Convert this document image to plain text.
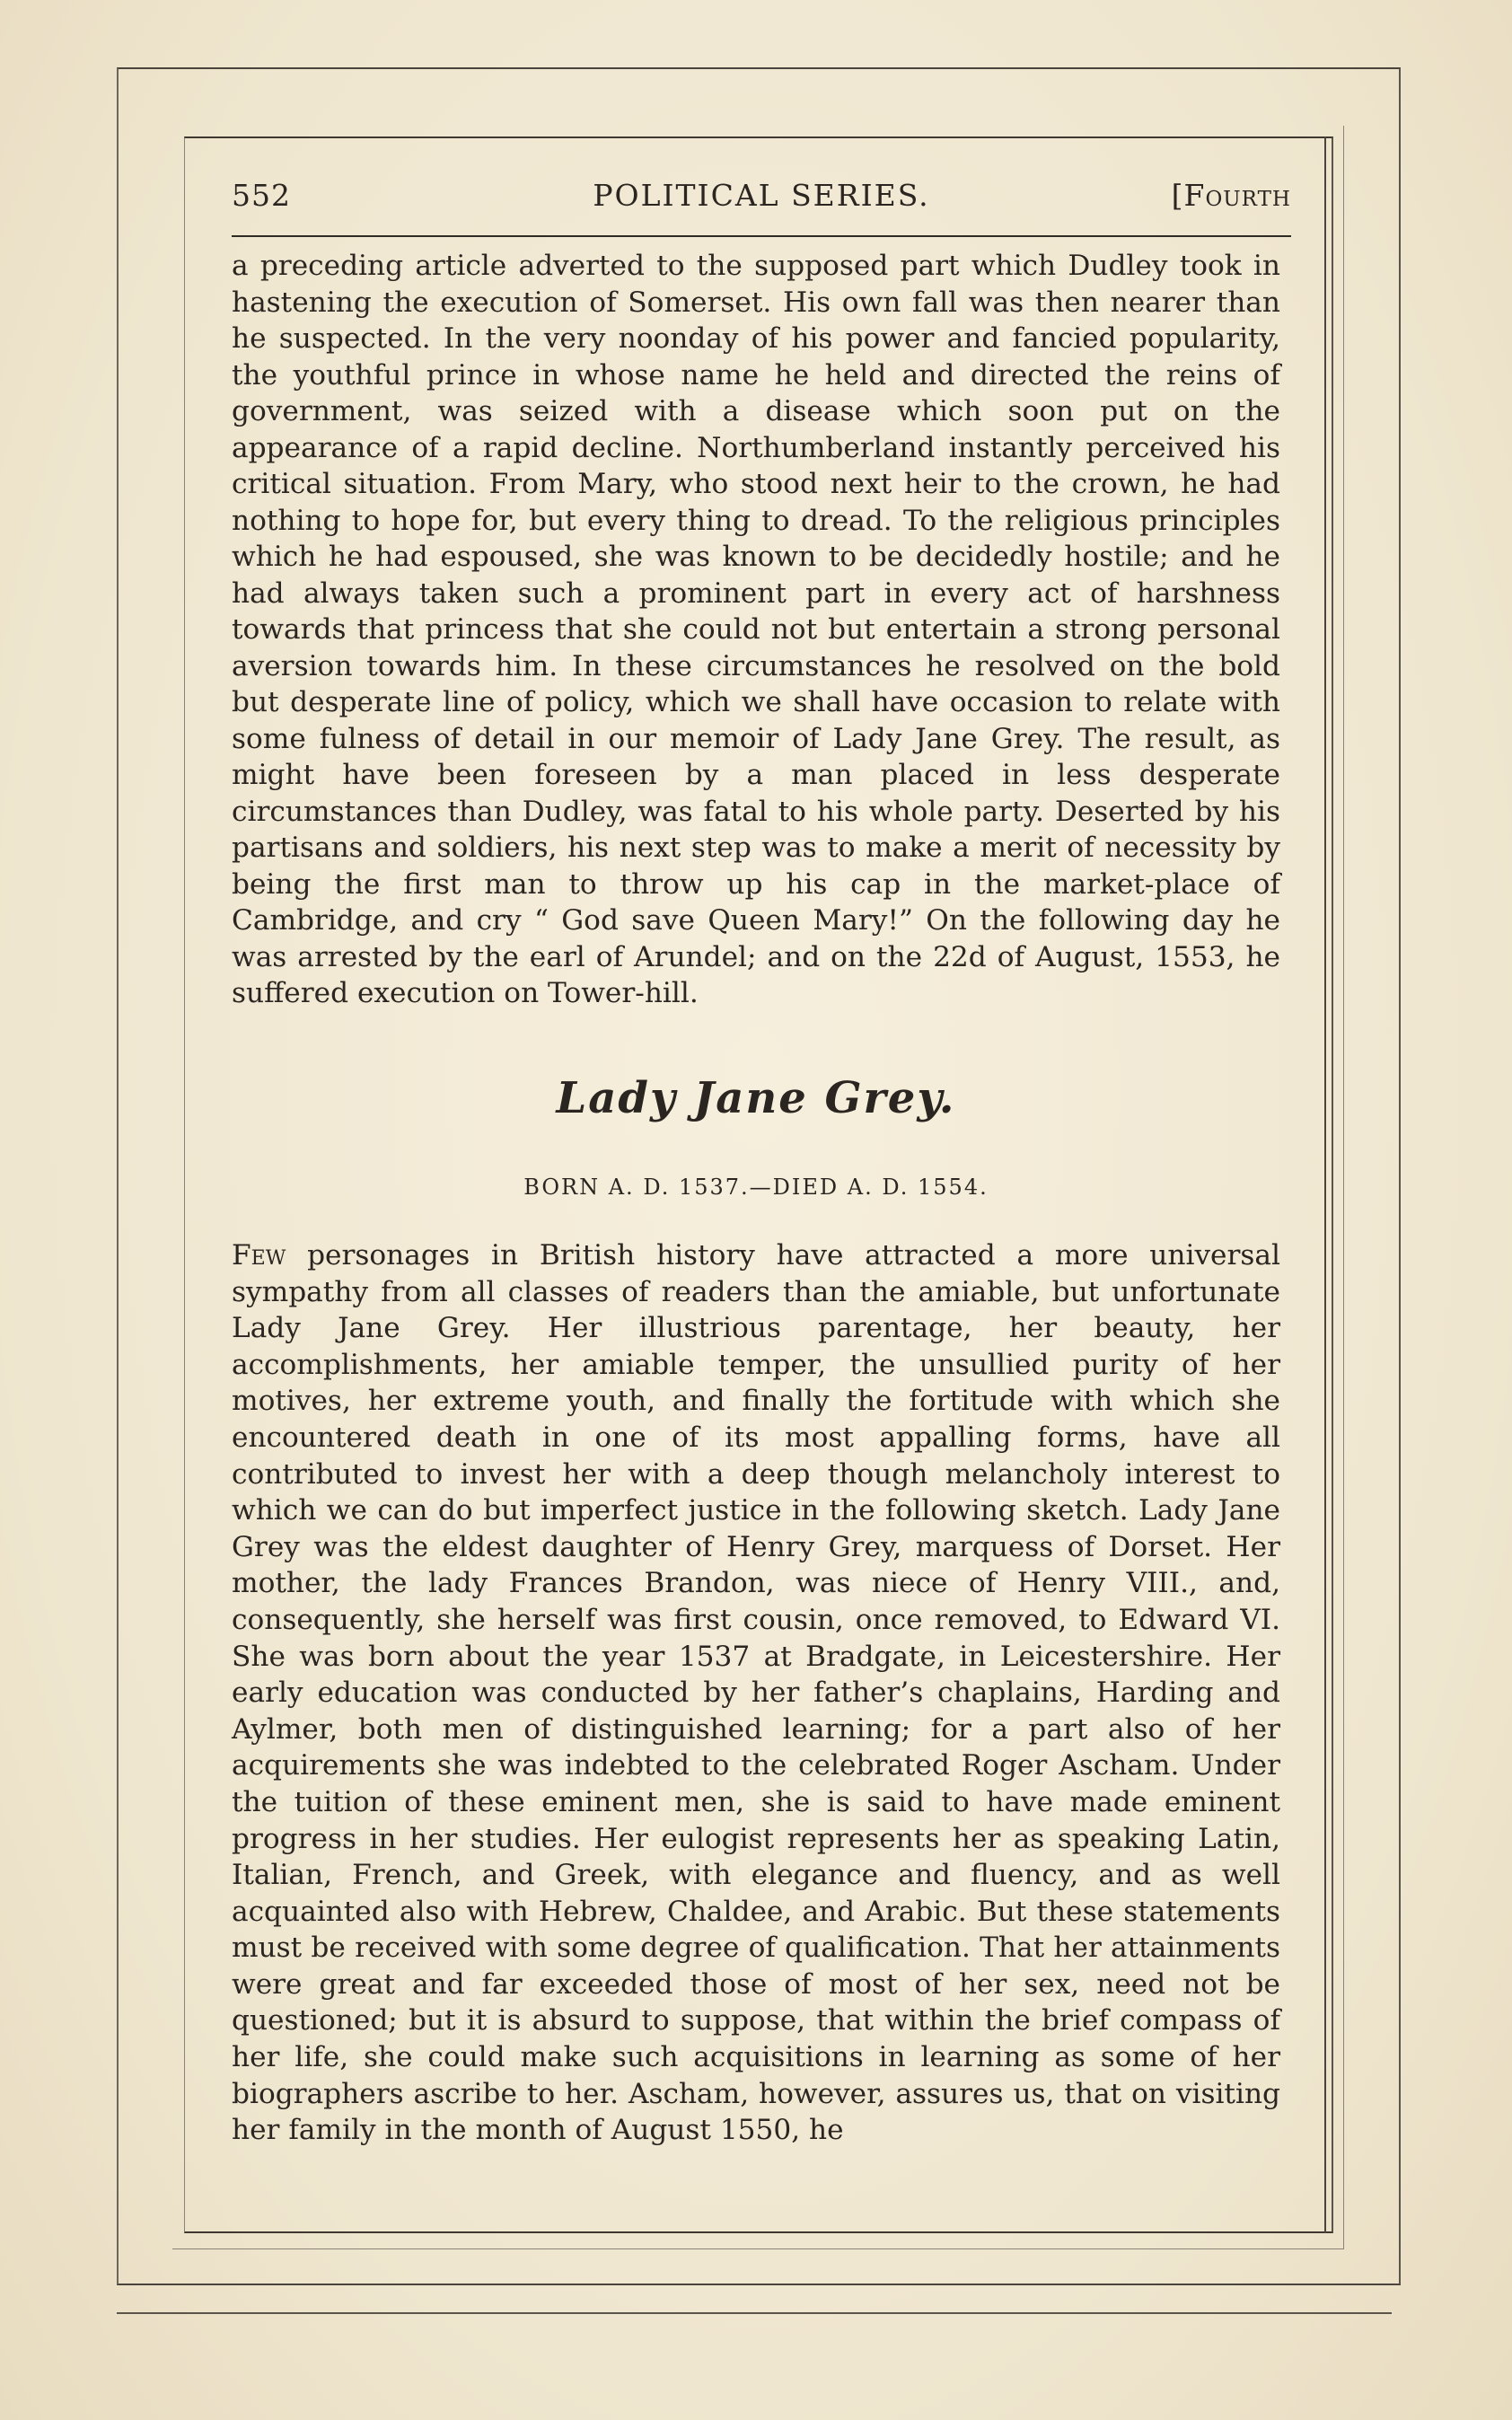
552	POLITICAL SERIES.	[Fourth

a preceding article adverted to the supposed part which Dudley took in hastening the execution of Somerset. His own fall was then nearer than he suspected. In the very noonday of his power and fancied popularity, the youthful prince in whose name he held and directed the reins of government, was seized with a disease which soon put on the appearance of a rapid decline. Northumberland instantly perceived his critical situation. From Mary, who stood next heir to the crown, he had nothing to hope for, but every thing to dread. To the religious principles which he had espoused, she was known to be decidedly hostile; and he had always taken such a prominent part in every act of harshness towards that princess that she could not but entertain a strong personal aversion towards him. In these circumstances he resolved on the bold but desperate line of policy, which we shall have occasion to relate with some fulness of detail in our memoir of Lady Jane Grey. The result, as might have been foreseen by a man placed in less desperate circumstances than Dudley, was fatal to his whole party. Deserted by his partisans and soldiers, his next step was to make a merit of necessity by being the first man to throw up his cap in the market-place of Cambridge, and cry “ God save Queen Mary!” On the following day he was arrested by the earl of Arundel; and on the 22d of August, 1553, he suffered execution on Tower-hill.

Lady Jane Grey.
BORN A. D. 1537.—DIED A. D. 1554.

Few personages in British history have attracted a more universal sympathy from all classes of readers than the amiable, but unfortunate Lady Jane Grey. Her illustrious parentage, her beauty, her accomplishments, her amiable temper, the unsullied purity of her motives, her extreme youth, and finally the fortitude with which she encountered death in one of its most appalling forms, have all contributed to invest her with a deep though melancholy interest to which we can do but imperfect justice in the following sketch. Lady Jane Grey was the eldest daughter of Henry Grey, marquess of Dorset. Her mother, the lady Frances Brandon, was niece of Henry VIII., and, consequently, she herself was first cousin, once removed, to Edward VI. She was born about the year 1537 at Bradgate, in Leicestershire. Her early education was conducted by her father’s chaplains, Harding and Aylmer, both men of distinguished learning; for a part also of her acquirements she was indebted to the celebrated Roger Ascham. Under the tuition of these eminent men, she is said to have made eminent progress in her studies. Her eulogist represents her as speaking Latin, Italian, French, and Greek, with elegance and fluency, and as well acquainted also with Hebrew, Chaldee, and Arabic. But these statements must be received with some degree of qualification. That her attainments were great and far exceeded those of most of her sex, need not be questioned; but it is absurd to suppose, that within the brief compass of her life, she could make such acquisitions in learning as some of her biographers ascribe to her. Ascham, however, assures us, that on visiting her family in the month of August 1550, he
